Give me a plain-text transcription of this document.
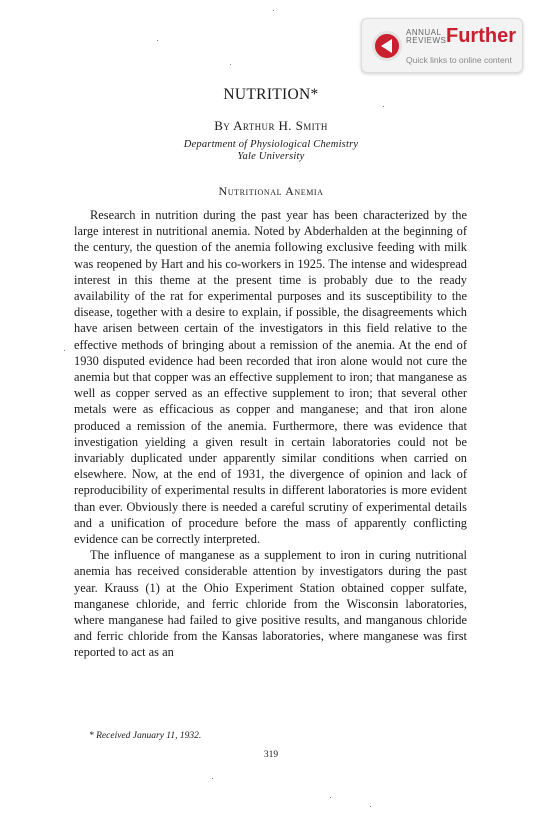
ANNUAL
REVIEWS Further
Quick links to online content
NUTRITION*
By Arthur H. Smith
Department of Physiological Chemistry
Yale University
Nutritional Anemia

Research in nutrition during the past year has been characterized by the large interest in nutritional anemia. Noted by Abderhalden at the beginning of the century, the question of the anemia following exclusive feeding with milk was reopened by Hart and his co-workers in 1925. The intense and widespread interest in this theme at the present time is probably due to the ready availability of the rat for experimental purposes and its susceptibility to the disease, together with a desire to explain, if possible, the disagreements which have arisen between certain of the investigators in this field relative to the effective methods of bringing about a remission of the anemia. At the end of 1930 disputed evidence had been recorded that iron alone would not cure the anemia but that copper was an effective supplement to iron; that manganese as well as copper served as an effective supplement to iron; that several other metals were as efficacious as copper and manganese; and that iron alone produced a remission of the anemia. Furthermore, there was evidence that investigation yielding a given result in certain laboratories could not be invariably duplicated under apparently similar conditions when carried on elsewhere. Now, at the end of 1931, the divergence of opinion and lack of reproducibility of experimental results in different laboratories is more evident than ever. Obviously there is needed a careful scrutiny of experimental details and a unification of procedure before the mass of apparently conflicting evidence can be correctly interpreted.

The influence of manganese as a supplement to iron in curing nutritional anemia has received considerable attention by investigators during the past year. Krauss (1) at the Ohio Experiment Station obtained copper sulfate, manganese chloride, and ferric chloride from the Wisconsin laboratories, where manganese had failed to give positive results, and manganous chloride and ferric chloride from the Kansas laboratories, where manganese was first reported to act as an

* Received January 11, 1932.
319
